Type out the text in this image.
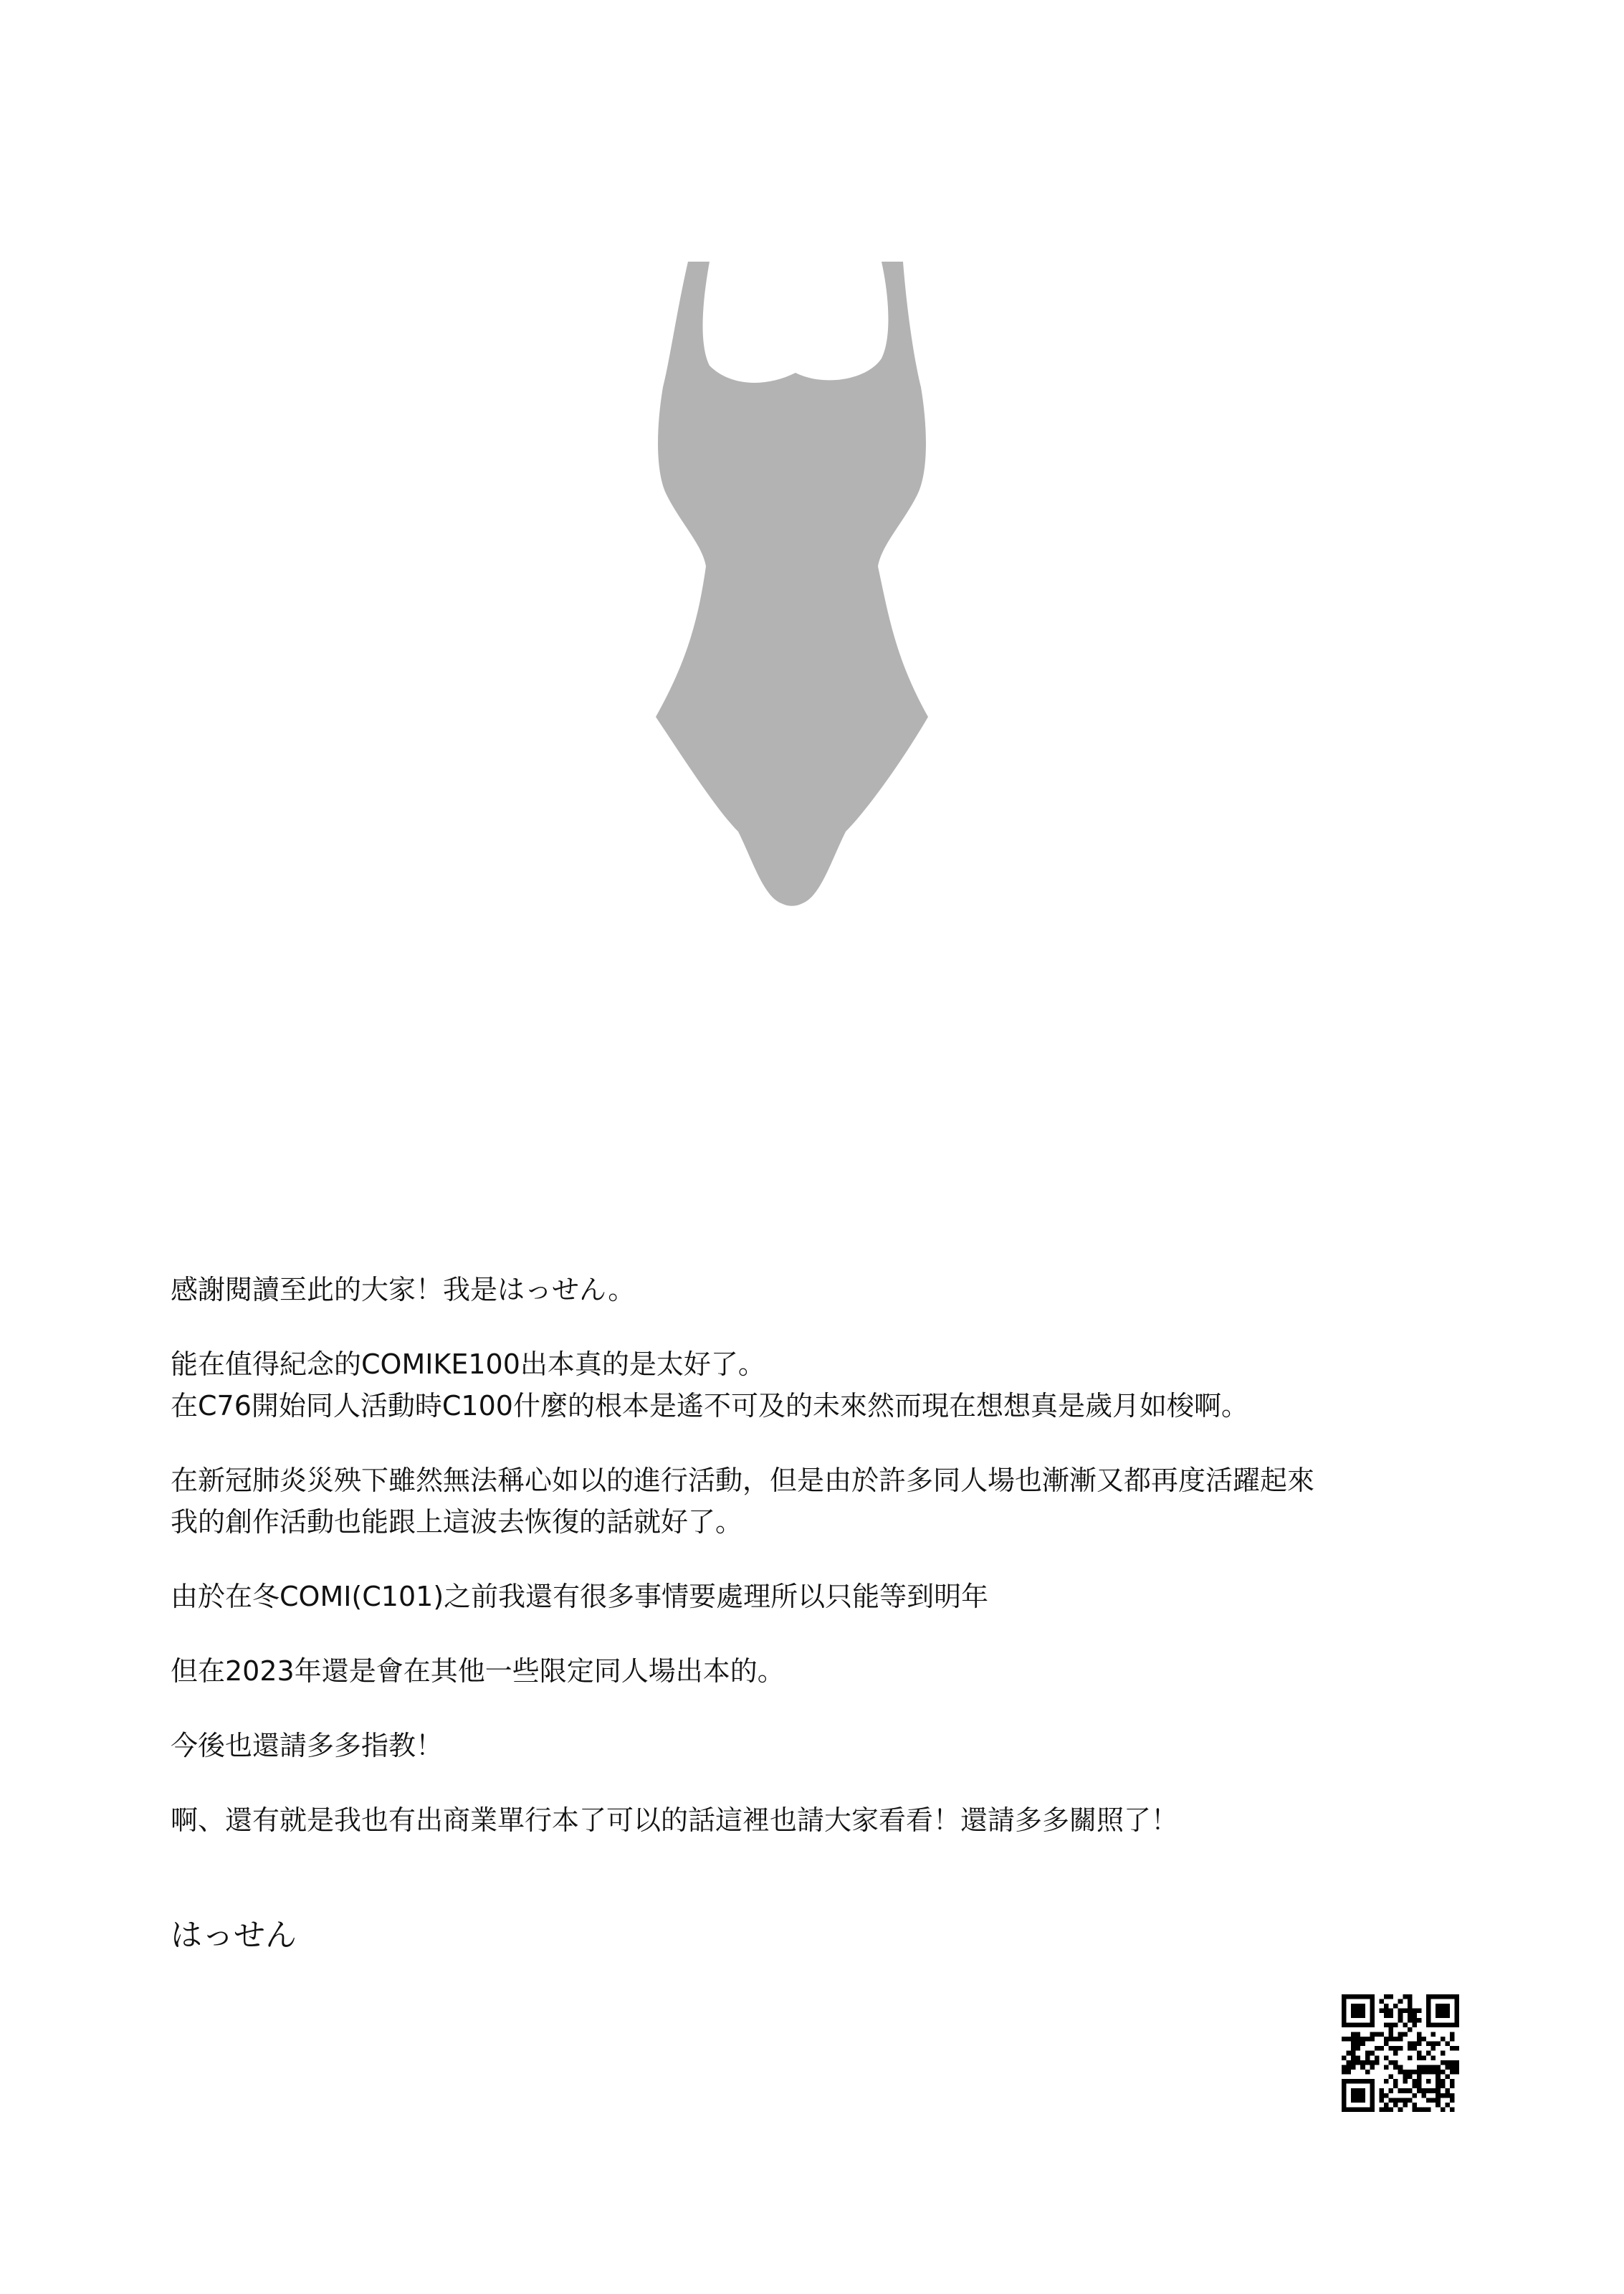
感謝閱讀至此的大家！我是はっせん。
能在值得紀念的COMIKE100出本真的是太好了。
在C76開始同人活動時C100什麼的根本是遙不可及的未來然而現在想想真是歲月如梭啊。
在新冠肺炎災殃下雖然無法稱心如以的進行活動，但是由於許多同人場也漸漸又都再度活躍起來
我的創作活動也能跟上這波去恢復的話就好了。
由於在冬COMI(C101)之前我還有很多事情要處理所以只能等到明年
但在2023年還是會在其他一些限定同人場出本的。
今後也還請多多指教！
啊、還有就是我也有出商業單行本了可以的話這裡也請大家看看！還請多多關照了！
はっせん
